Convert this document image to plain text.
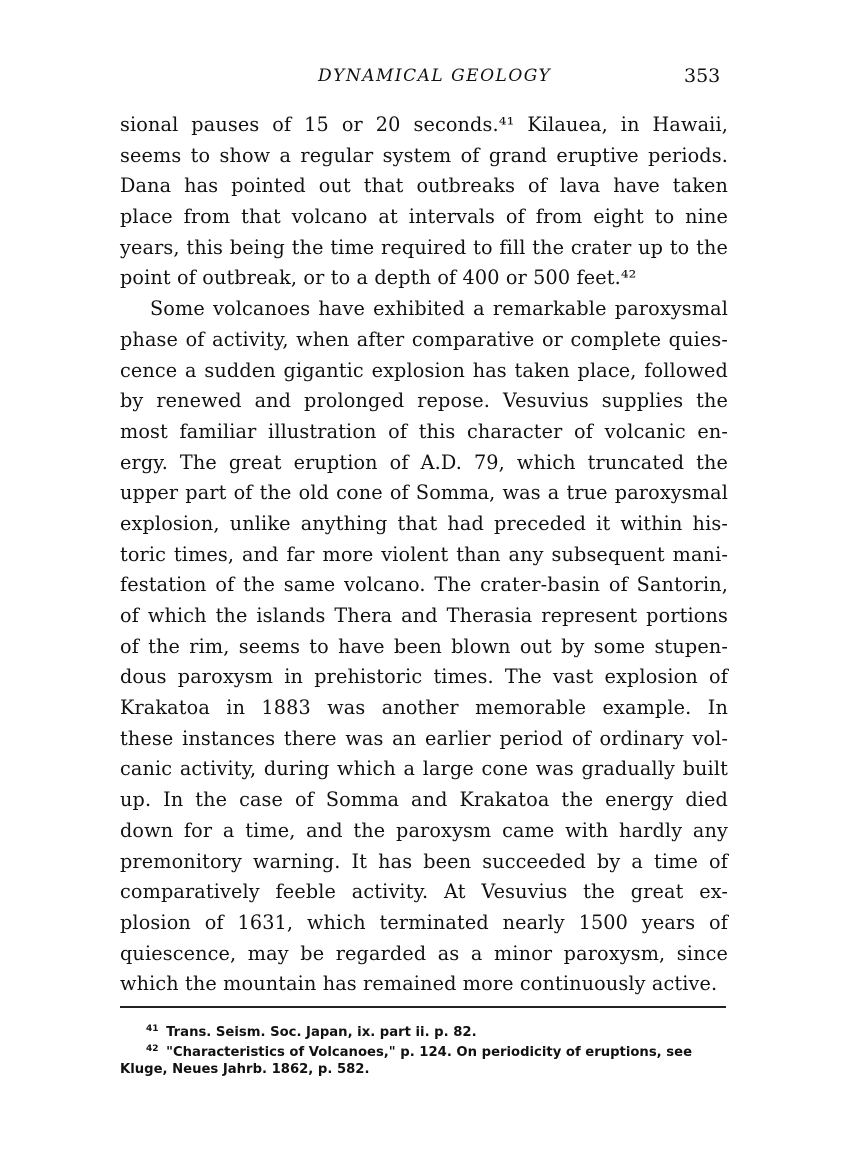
DYNAMICAL GEOLOGY	353
sional pauses of 15 or 20 seconds.⁴¹ Kilauea, in Hawaii,
seems to show a regular system of grand eruptive periods.
Dana has pointed out that outbreaks of lava have taken
place from that volcano at intervals of from eight to nine
years, this being the time required to fill the crater up to the
point of outbreak, or to a depth of 400 or 500 feet.⁴²
Some volcanoes have exhibited a remarkable paroxysmal
phase of activity, when after comparative or complete quies-
cence a sudden gigantic explosion has taken place, followed
by renewed and prolonged repose. Vesuvius supplies the
most familiar illustration of this character of volcanic en-
ergy. The great eruption of A.D. 79, which truncated the
upper part of the old cone of Somma, was a true paroxysmal
explosion, unlike anything that had preceded it within his-
toric times, and far more violent than any subsequent mani-
festation of the same volcano. The crater-basin of Santorin,
of which the islands Thera and Therasia represent portions
of the rim, seems to have been blown out by some stupen-
dous paroxysm in prehistoric times. The vast explosion of
Krakatoa in 1883 was another memorable example. In
these instances there was an earlier period of ordinary vol-
canic activity, during which a large cone was gradually built
up. In the case of Somma and Krakatoa the energy died
down for a time, and the paroxysm came with hardly any
premonitory warning. It has been succeeded by a time of
comparatively feeble activity. At Vesuvius the great ex-
plosion of 1631, which terminated nearly 1500 years of
quiescence, may be regarded as a minor paroxysm, since
which the mountain has remained more continuously active.
$^{41}$ Trans. Seism. Soc. Japan, ix. part ii. p. 82.
$^{42}$ "Characteristics of Volcanoes," p. 124. On periodicity of eruptions, see
Kluge, Neues Jahrb. 1862, p. 582.
